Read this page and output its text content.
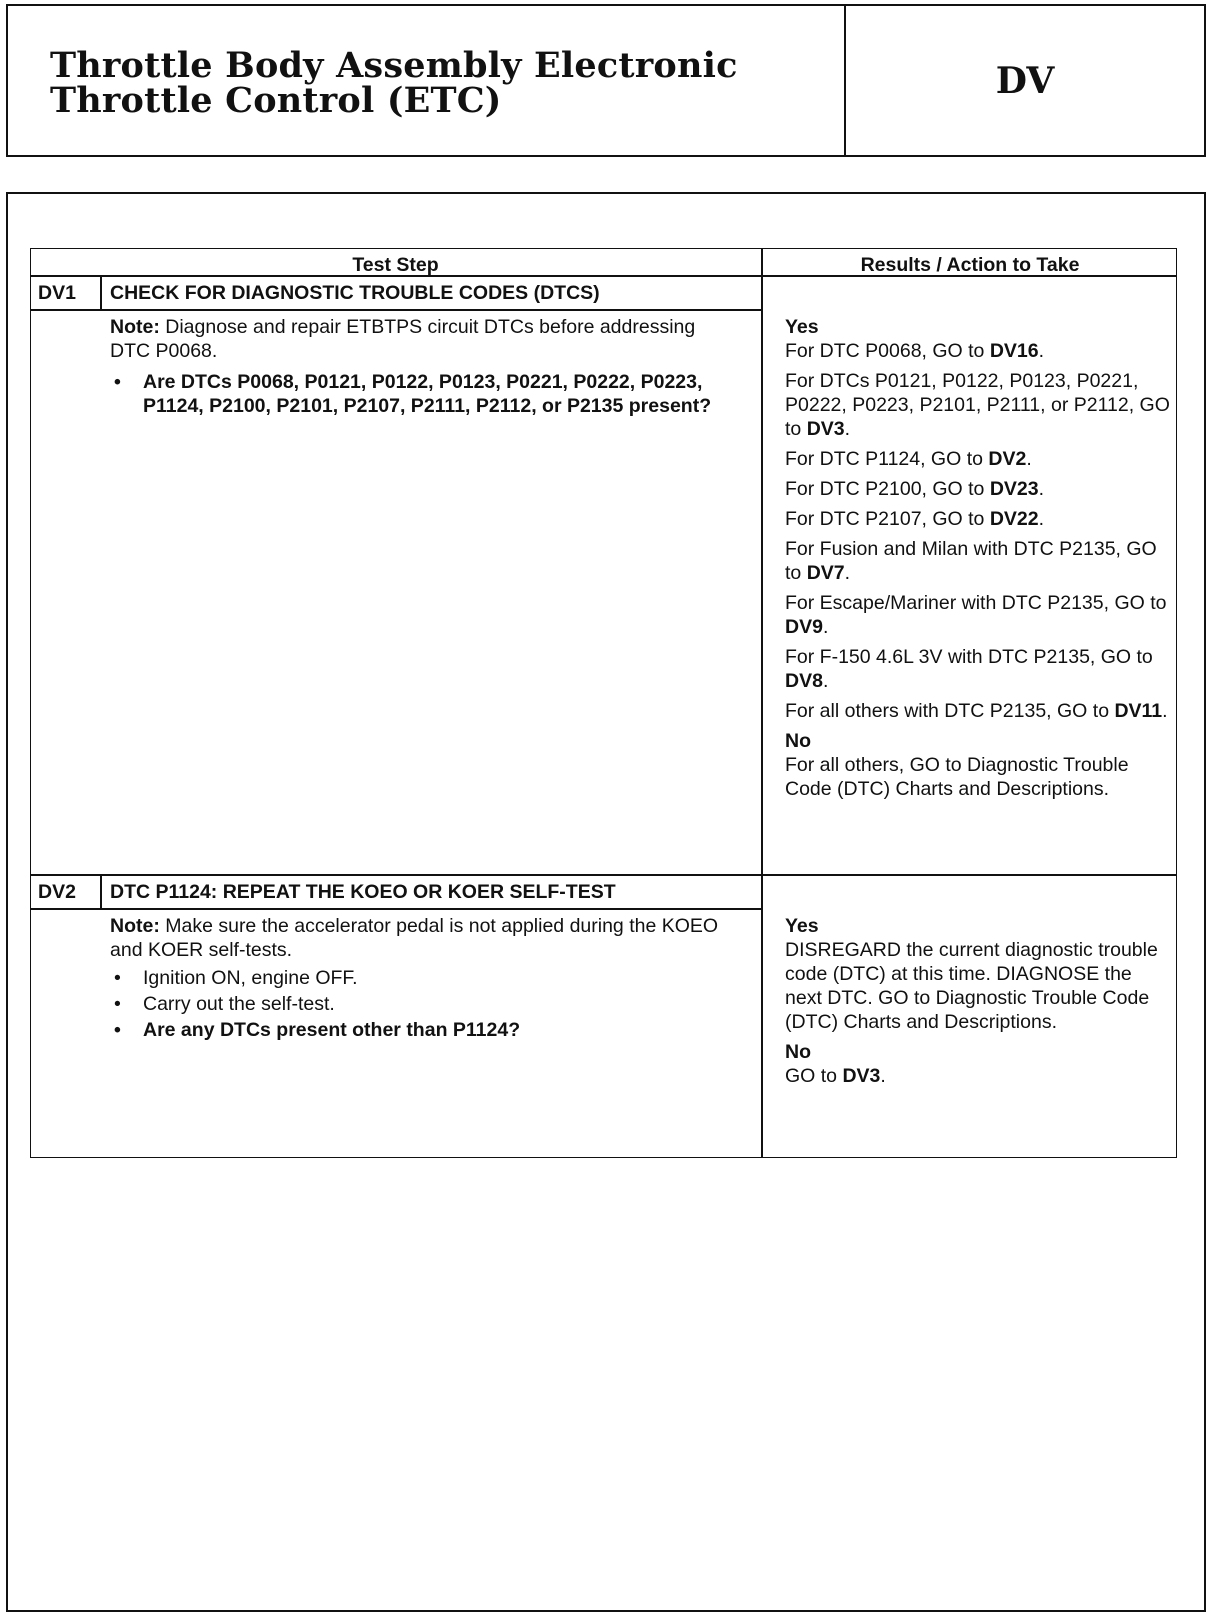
Throttle Body Assembly Electronic
Throttle Control (ETC)	DV
Test Step	Results / Action to Take
DV1 CHECK FOR DIAGNOSTIC TROUBLE CODES (DTCS)
Note: Diagnose and repair ETBTPS circuit DTCs before addressing DTC P0068.
• Are DTCs P0068, P0121, P0122, P0123, P0221, P0222, P0223, P1124, P2100, P2101, P2107, P2111, P2112, or P2135 present?
Yes
For DTC P0068, GO to DV16.
For DTCs P0121, P0122, P0123, P0221, P0222, P0223, P2101, P2111, or P2112, GO to DV3.
For DTC P1124, GO to DV2.
For DTC P2100, GO to DV23.
For DTC P2107, GO to DV22.
For Fusion and Milan with DTC P2135, GO to DV7.
For Escape/Mariner with DTC P2135, GO to DV9.
For F-150 4.6L 3V with DTC P2135, GO to DV8.
For all others with DTC P2135, GO to DV11.
No
For all others, GO to Diagnostic Trouble Code (DTC) Charts and Descriptions.
DV2 DTC P1124: REPEAT THE KOEO OR KOER SELF-TEST
Note: Make sure the accelerator pedal is not applied during the KOEO and KOER self-tests.
• Ignition ON, engine OFF.
• Carry out the self-test.
• Are any DTCs present other than P1124?
Yes
DISREGARD the current diagnostic trouble code (DTC) at this time. DIAGNOSE the next DTC. GO to Diagnostic Trouble Code (DTC) Charts and Descriptions.
No
GO to DV3.
